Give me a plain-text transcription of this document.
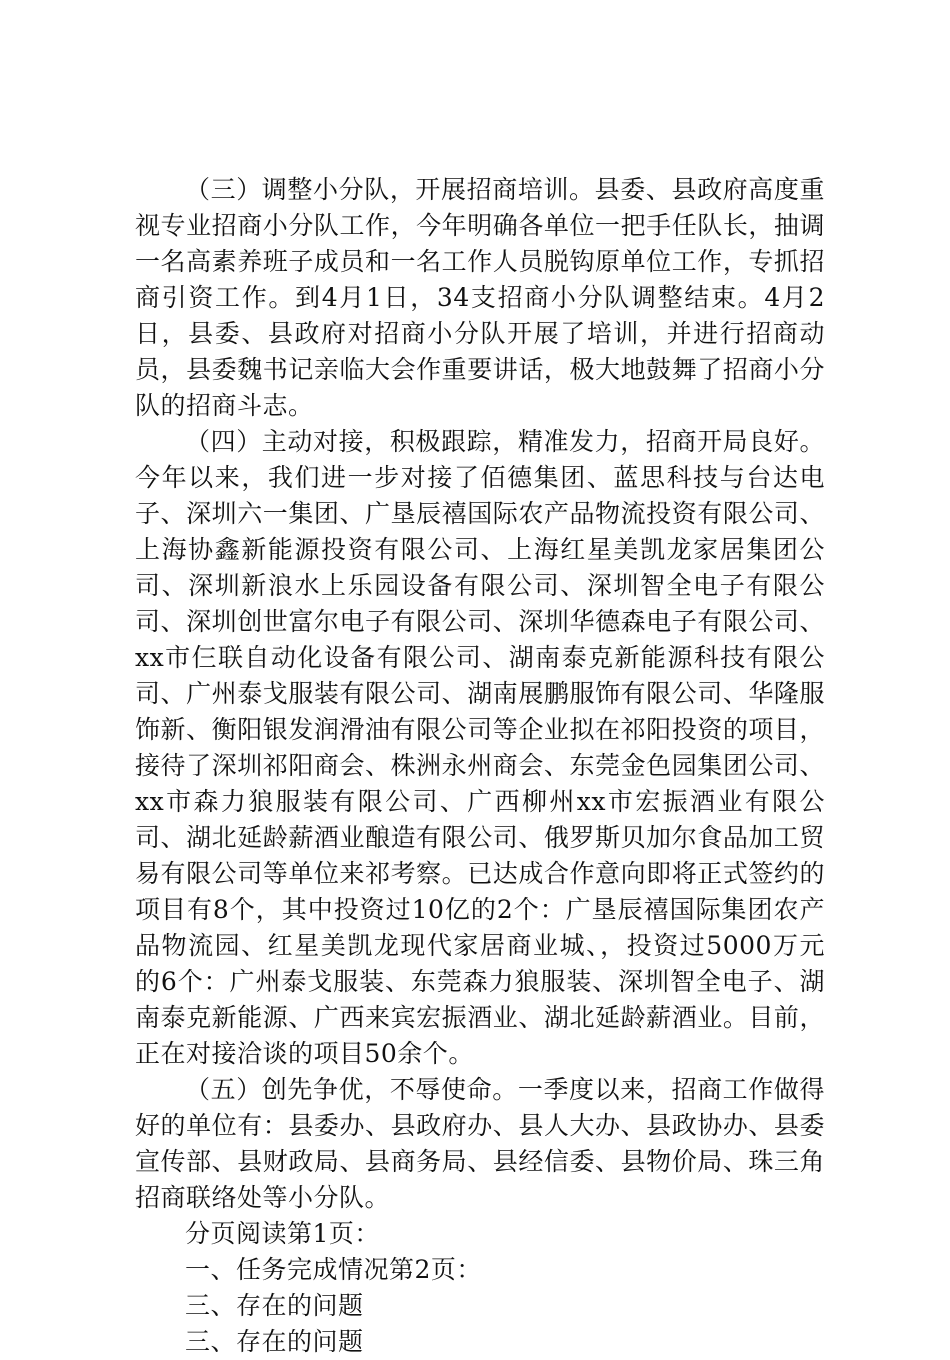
（三）调整小分队，开展招商培训。县委、县政府高度重视专业招商小分队工作，今年明确各单位一把手任队长，抽调一名高素养班子成员和一名工作人员脱钩原单位工作，专抓招商引资工作。到4月1日，34支招商小分队调整结束。4月2日，县委、县政府对招商小分队开展了培训，并进行招商动员，县委魏书记亲临大会作重要讲话，极大地鼓舞了招商小分队的招商斗志。

（四）主动对接，积极跟踪，精准发力，招商开局良好。今年以来，我们进一步对接了佰德集团、蓝思科技与台达电子、深圳六一集团、广垦辰禧国际农产品物流投资有限公司、上海协鑫新能源投资有限公司、上海红星美凯龙家居集团公司、深圳新浪水上乐园设备有限公司、深圳智全电子有限公司、深圳创世富尔电子有限公司、深圳华德森电子有限公司、xx市仨联自动化设备有限公司、湖南泰克新能源科技有限公司、广州泰戈服装有限公司、湖南展鹏服饰有限公司、华隆服饰新、衡阳银发润滑油有限公司等企业拟在祁阳投资的项目，接待了深圳祁阳商会、株洲永州商会、东莞金色园集团公司、xx市森力狼服装有限公司、广西柳州xx市宏振酒业有限公司、湖北延龄薪酒业酿造有限公司、俄罗斯贝加尔食品加工贸易有限公司等单位来祁考察。已达成合作意向即将正式签约的项目有8个，其中投资过10亿的2个：广垦辰禧国际集团农产品物流园、红星美凯龙现代家居商业城、，投资过5000万元的6个：广州泰戈服装、东莞森力狼服装、深圳智全电子、湖南泰克新能源、广西来宾宏振酒业、湖北延龄薪酒业。目前，正在对接洽谈的项目50余个。

（五）创先争优，不辱使命。一季度以来，招商工作做得好的单位有：县委办、县政府办、县人大办、县政协办、县委宣传部、县财政局、县商务局、县经信委、县物价局、珠三角招商联络处等小分队。

分页阅读第1页：

一、任务完成情况第2页：

三、存在的问题

三、存在的问题
